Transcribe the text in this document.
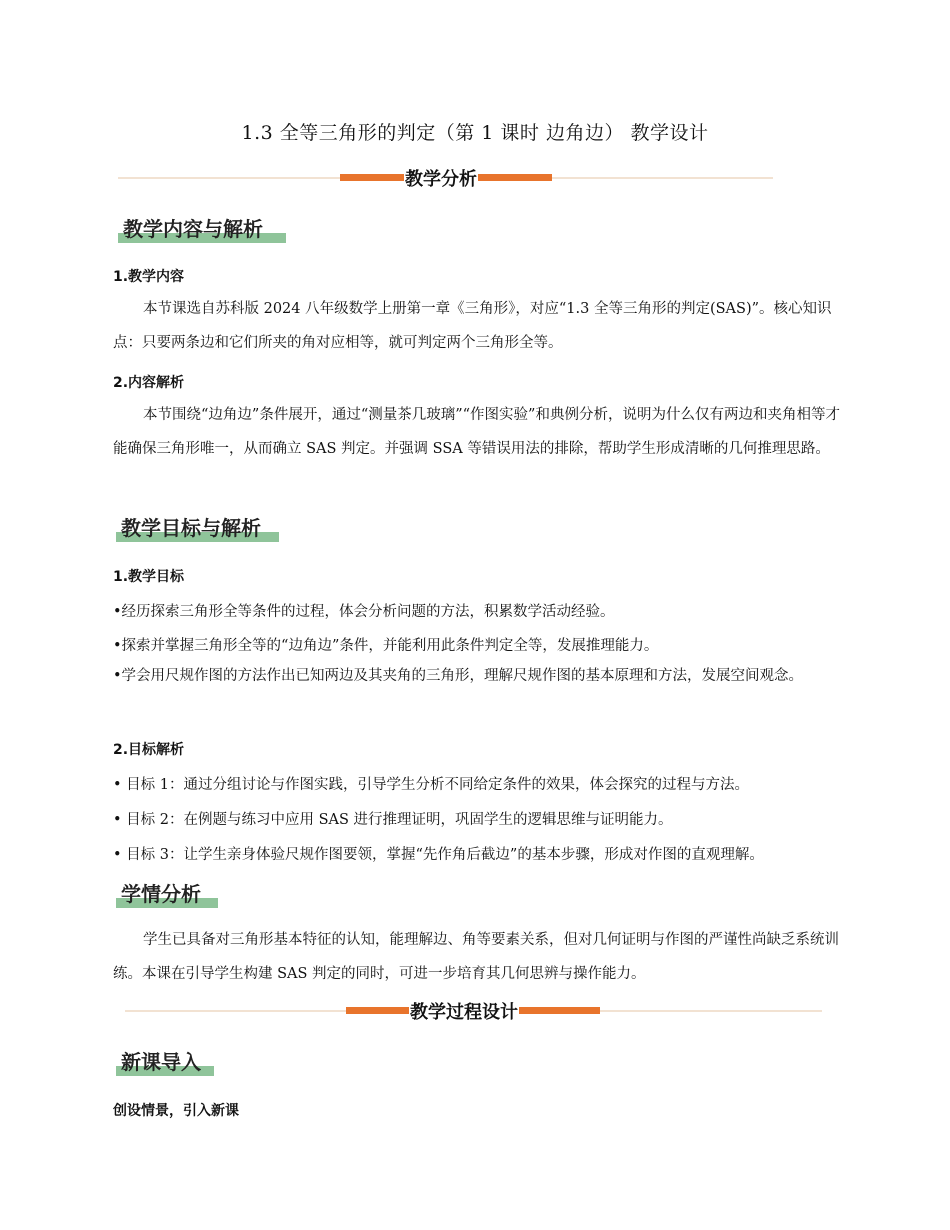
1.3 全等三角形的判定（第 1 课时 边角边） 教学设计
教学分析
教学内容与解析
1.教学内容
本节课选自苏科版 2024 八年级数学上册第一章《三角形》，对应“1.3 全等三角形的判定(SAS)”。核心知识点：只要两条边和它们所夹的角对应相等，就可判定两个三角形全等。
2.内容解析
本节围绕“边角边”条件展开，通过“测量茶几玻璃”“作图实验”和典例分析，说明为什么仅有两边和夹角相等才能确保三角形唯一，从而确立 SAS 判定。并强调 SSA 等错误用法的排除，帮助学生形成清晰的几何推理思路。
教学目标与解析
1.教学目标
•经历探索三角形全等条件的过程，体会分析问题的方法，积累数学活动经验。
•探索并掌握三角形全等的“边角边”条件，并能利用此条件判定全等，发展推理能力。
•学会用尺规作图的方法作出已知两边及其夹角的三角形，理解尺规作图的基本原理和方法，发展空间观念。
2.目标解析
• 目标 1：通过分组讨论与作图实践，引导学生分析不同给定条件的效果，体会探究的过程与方法。
• 目标 2：在例题与练习中应用 SAS 进行推理证明，巩固学生的逻辑思维与证明能力。
• 目标 3：让学生亲身体验尺规作图要领，掌握“先作角后截边”的基本步骤，形成对作图的直观理解。
学情分析
学生已具备对三角形基本特征的认知，能理解边、角等要素关系，但对几何证明与作图的严谨性尚缺乏系统训练。本课在引导学生构建 SAS 判定的同时，可进一步培育其几何思辨与操作能力。
教学过程设计
新课导入
创设情景，引入新课
